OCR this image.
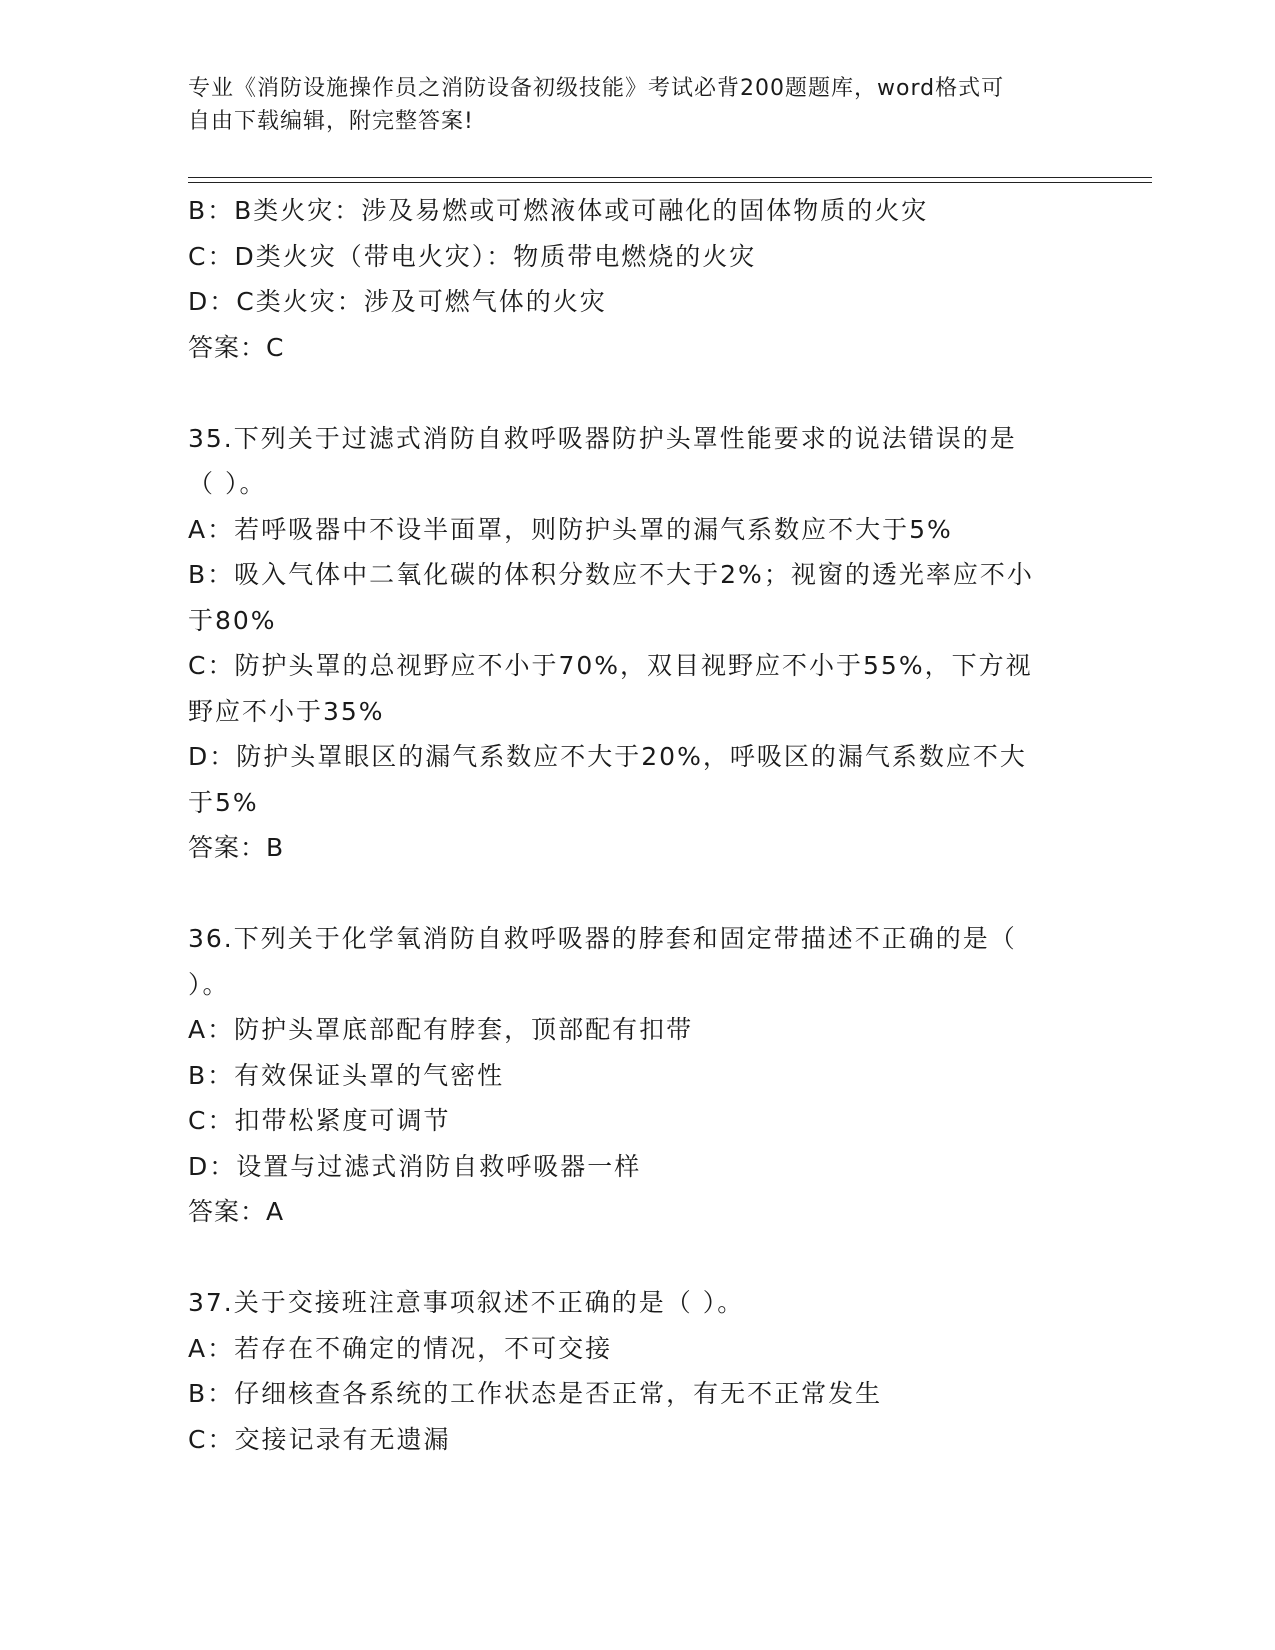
专业《消防设施操作员之消防设备初级技能》考试必背200题题库，word格式可
自由下载编辑，附完整答案!
B：B类火灾：涉及易燃或可燃液体或可融化的固体物质的火灾
C：D类火灾（带电火灾）：物质带电燃烧的火灾
D：C类火灾：涉及可燃气体的火灾
答案：C
35.下列关于过滤式消防自救呼吸器防护头罩性能要求的说法错误的是
（ ）。
A：若呼吸器中不设半面罩，则防护头罩的漏气系数应不大于5%
B：吸入气体中二氧化碳的体积分数应不大于2%；视窗的透光率应不小
于80%
C：防护头罩的总视野应不小于70%，双目视野应不小于55%，下方视
野应不小于35%
D：防护头罩眼区的漏气系数应不大于20%，呼吸区的漏气系数应不大
于5%
答案：B
36.下列关于化学氧消防自救呼吸器的脖套和固定带描述不正确的是（
）。
A：防护头罩底部配有脖套，顶部配有扣带
B：有效保证头罩的气密性
C：扣带松紧度可调节
D：设置与过滤式消防自救呼吸器一样
答案：A
37.关于交接班注意事项叙述不正确的是（ ）。
A：若存在不确定的情况，不可交接
B：仔细核查各系统的工作状态是否正常，有无不正常发生
C：交接记录有无遗漏
